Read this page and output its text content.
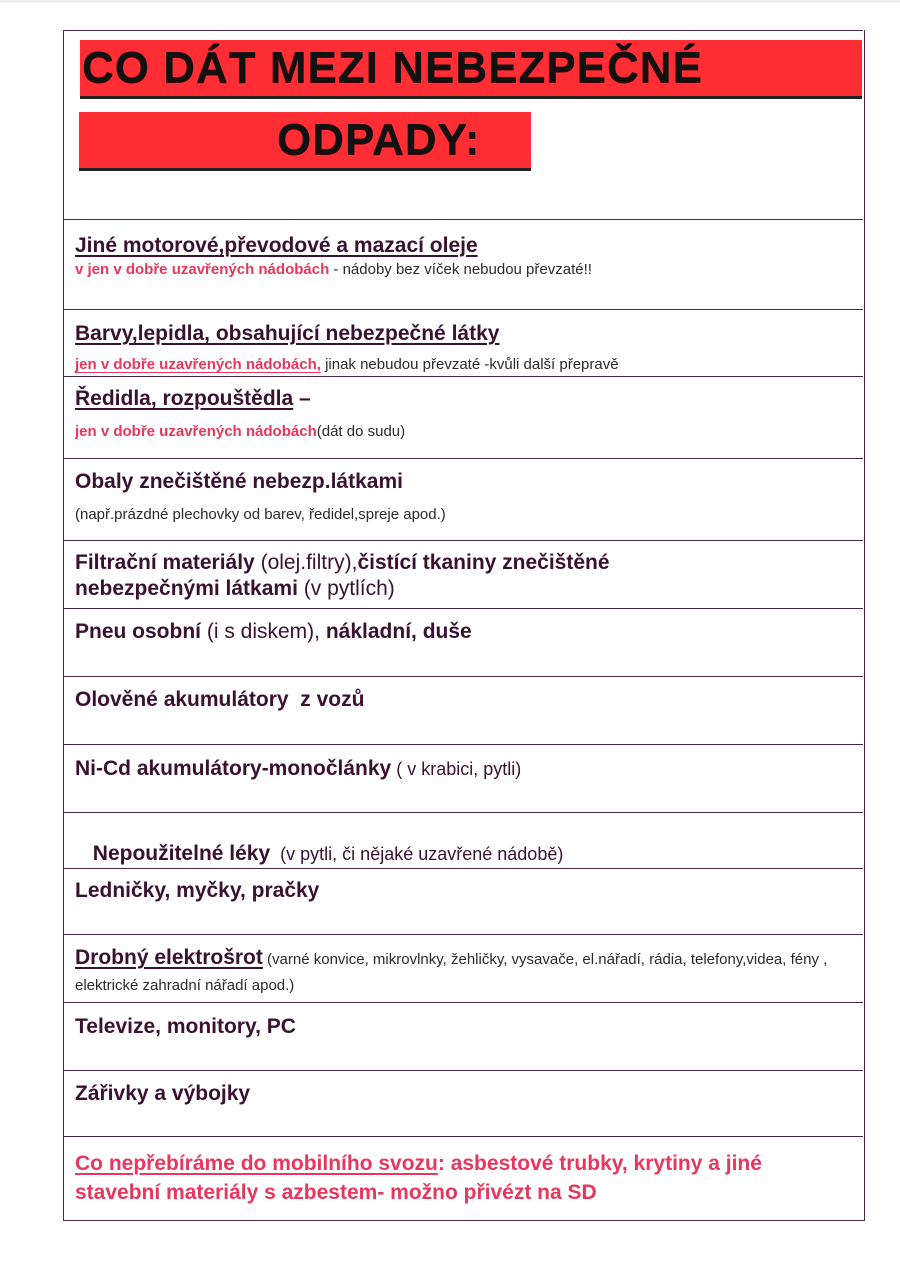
CO DÁT MEZI NEBEZPEČNÉ
ODPADY:
Jiné motorové,převodové a mazací oleje
v jen v dobře uzavřených nádobách - nádoby bez víček nebudou převzaté!!
Barvy,lepidla, obsahující nebezpečné látky
jen v dobře uzavřených nádobách, jinak nebudou převzaté -kvůli další přepravě
Ředidla, rozpouštědla –
jen v dobře uzavřených nádobách(dát do sudu)
Obaly znečištěné nebezp.látkami
(např.prázdné plechovky od barev, ředidel,spreje apod.)
Filtrační materiály (olej.filtry),čistící tkaniny znečištěné
nebezpečnými látkami (v pytlích)
Pneu osobní (i s diskem), nákladní, duše
Olověné akumulátory  z vozů
Ni-Cd akumulátory-monočlánky ( v krabici, pytli)

Nepoužitelné léky  (v pytli, či nějaké uzavřené nádobě)

Ledničky, myčky, pračky
Drobný elektrošrot (varné konvice, mikrovlnky, žehličky, vysavače, el.nářadí, rádia, telefony,videa, fény , elektrické zahradní nářadí apod.)
Televize, monitory, PC
Zářivky a výbojky
Co nepřebíráme do mobilního svozu: asbestové trubky, krytiny a jiné stavební materiály s azbestem- možno přivézt na SD
